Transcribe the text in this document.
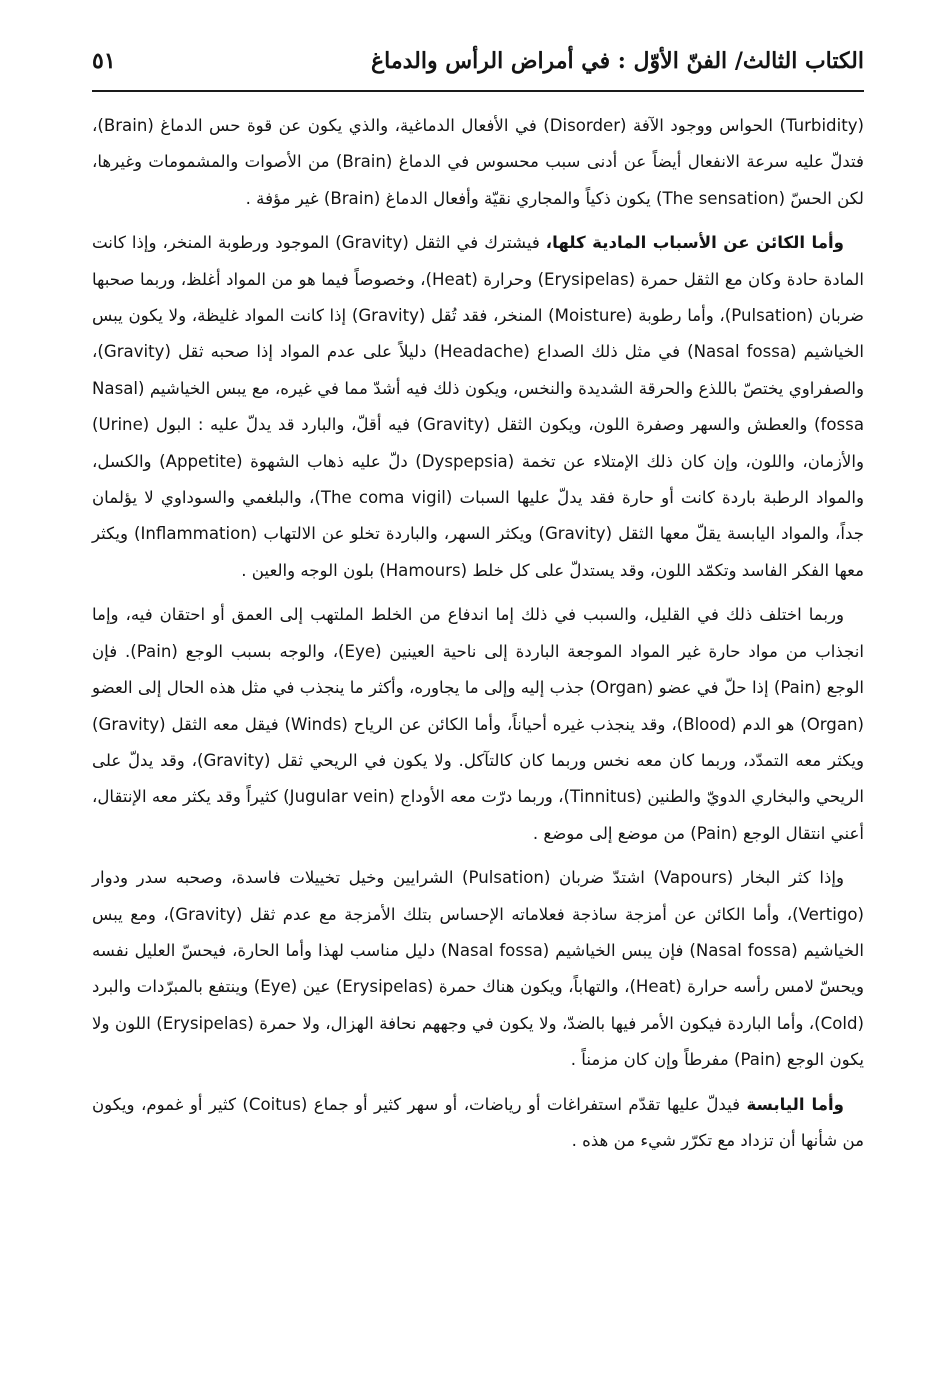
الكتاب الثالث/ الفنّ الأوّل : في أمراض الرأس والدماغ
٥١

(Turbidity) الحواس ووجود الآفة (Disorder) في الأفعال الدماغية، والذي يكون عن قوة حس الدماغ (Brain)، فتدلّ عليه سرعة الانفعال أيضاً عن أدنى سبب محسوس في الدماغ (Brain) من الأصوات والمشمومات وغيرها، لكن الحسّ (The sensation) يكون ذكياً والمجاري نقيّة وأفعال الدماغ (Brain) غير مؤفة .

وأما الكائن عن الأسباب المادية كلها، فيشترك في الثقل (Gravity) الموجود ورطوبة المنخر، وإذا كانت المادة حادة وكان مع الثقل حمرة (Erysipelas) وحرارة (Heat)، وخصوصاً فيما هو من المواد أغلظ، وربما صحبها ضربان (Pulsation)، وأما رطوبة (Moisture) المنخر، فقد تُقل (Gravity) إذا كانت المواد غليظة، ولا يكون يبس الخياشيم (Nasal fossa) في مثل ذلك الصداع (Headache) دليلاً على عدم المواد إذا صحبه ثقل (Gravity)، والصفراوي يختصّ باللذع والحرقة الشديدة والنخس، ويكون ذلك فيه أشدّ مما في غيره، مع يبس الخياشيم (Nasal fossa) والعطش والسهر وصفرة اللون، ويكون الثقل (Gravity) فيه أقلّ، والبارد قد يدلّ عليه : البول (Urine) والأزمان، واللون، وإن كان ذلك الإمتلاء عن تخمة (Dyspepsia) دلّ عليه ذهاب الشهوة (Appetite) والكسل، والمواد الرطبة باردة كانت أو حارة فقد يدلّ عليها السبات (The coma vigil)، والبلغمي والسوداوي لا يؤلمان جداً، والمواد اليابسة يقلّ معها الثقل (Gravity) ويكثر السهر، والباردة تخلو عن الالتهاب (Inflammation) ويكثر معها الفكر الفاسد وتكمّد اللون، وقد يستدلّ على كل خلط (Hamours) بلون الوجه والعين .

وربما اختلف ذلك في القليل، والسبب في ذلك إما اندفاع من الخلط الملتهب إلى العمق أو احتقان فيه، وإما انجذاب من مواد حارة غير المواد الموجعة الباردة إلى ناحية العينين (Eye)، والوجه بسبب الوجع (Pain). فإن الوجع (Pain) إذا حلّ في عضو (Organ) جذب إليه وإلى ما يجاوره، وأكثر ما ينجذب في مثل هذه الحال إلى العضو (Organ) هو الدم (Blood)، وقد ينجذب غيره أحياناً، وأما الكائن عن الرياح (Winds) فيقل معه الثقل (Gravity) ويكثر معه التمدّد، وربما كان معه نخس وربما كان كالتآكل. ولا يكون في الريحي ثقل (Gravity)، وقد يدلّ على الريحي والبخاري الدويّ والطنين (Tinnitus)، وربما درّت معه الأوداج (Jugular vein) كثيراً وقد يكثر معه الإنتقال، أعني انتقال الوجع (Pain) من موضع إلى موضع .

وإذا كثر البخار (Vapours) اشتدّ ضربان (Pulsation) الشرايين وخيل تخييلات فاسدة، وصحبه سدر ودوار (Vertigo)، وأما الكائن عن أمزجة ساذجة فعلاماته الإحساس بتلك الأمزجة مع عدم ثقل (Gravity)، ومع يبس الخياشيم (Nasal fossa) فإن يبس الخياشيم (Nasal fossa) دليل مناسب لهذا وأما الحارة، فيحسّ العليل نفسه ويحسّ لامس رأسه حرارة (Heat)، والتهاباً، ويكون هناك حمرة (Erysipelas) عين (Eye) وينتفع بالمبرّدات والبرد (Cold)، وأما الباردة فيكون الأمر فيها بالضدّ، ولا يكون في وجههم نحافة الهزال، ولا حمرة (Erysipelas) اللون ولا يكون الوجع (Pain) مفرطاً وإن كان مزمناً .

وأما اليابسة فيدلّ عليها تقدّم استفراغات أو رياضات، أو سهر كثير أو جماع (Coitus) كثير أو غموم، ويكون من شأنها أن تزداد مع تكرّر شيء من هذه .
